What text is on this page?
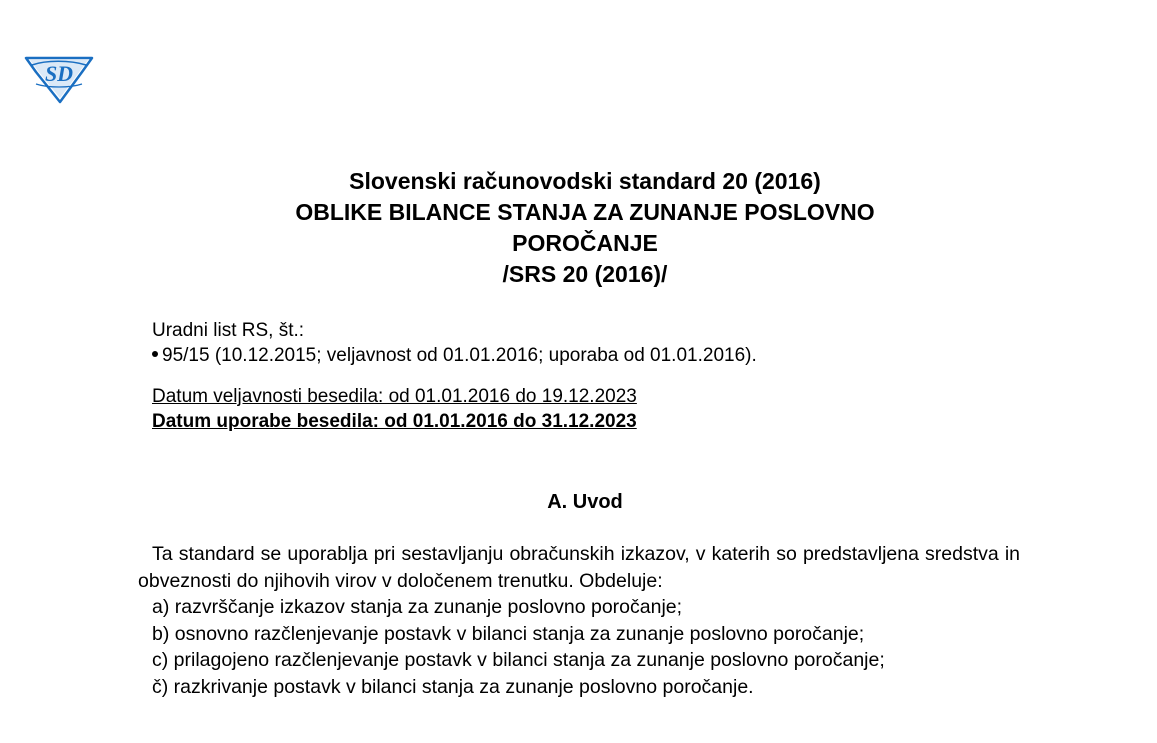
SD
Slovenski računovodski standard 20 (2016)
OBLIKE BILANCE STANJA ZA ZUNANJE POSLOVNO
POROČANJE
/SRS 20 (2016)/
Uradni list RS, št.:
95/15 (10.12.2015; veljavnost od 01.01.2016; uporaba od 01.01.2016).
Datum veljavnosti besedila: od 01.01.2016 do 19.12.2023
Datum uporabe besedila: od 01.01.2016 do 31.12.2023
A. Uvod

Ta standard se uporablja pri sestavljanju obračunskih izkazov, v katerih so predstavljena sredstva in obveznosti do njihovih virov v določenem trenutku. Obdeluje:

a) razvrščanje izkazov stanja za zunanje poslovno poročanje;

b) osnovno razčlenjevanje postavk v bilanci stanja za zunanje poslovno poročanje;

c) prilagojeno razčlenjevanje postavk v bilanci stanja za zunanje poslovno poročanje;

č) razkrivanje postavk v bilanci stanja za zunanje poslovno poročanje.
